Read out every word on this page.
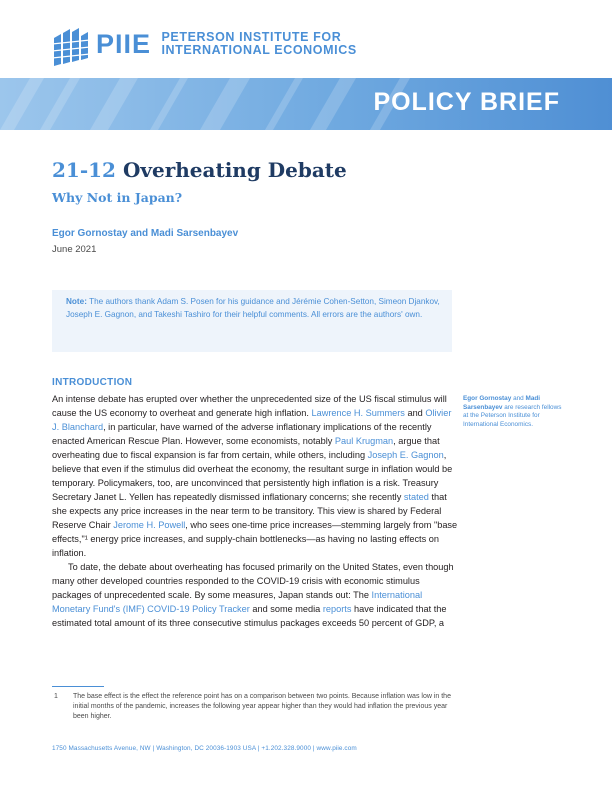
PIIE PETERSON INSTITUTE FOR
INTERNATIONAL ECONOMICS
POLICY BRIEF
21-12 Overheating Debate
Why Not in Japan?
Egor Gornostay and Madi Sarsenbayev
June 2021
Note: The authors thank Adam S. Posen for his guidance and Jérémie Cohen-Setton, Simeon Djankov, Joseph E. Gagnon, and Takeshi Tashiro for their helpful comments. All errors are the authors' own.
INTRODUCTION

An intense debate has erupted over whether the unprecedented size of the US fiscal stimulus will cause the US economy to overheat and generate high inflation. Lawrence H. Summers and Olivier J. Blanchard, in particular, have warned of the adverse inflationary implications of the recently enacted American Rescue Plan. However, some economists, notably Paul Krugman, argue that overheating due to fiscal expansion is far from certain, while others, including Joseph E. Gagnon, believe that even if the stimulus did overheat the economy, the resultant surge in inflation would be temporary. Policymakers, too, are unconvinced that persistently high inflation is a risk. Treasury Secretary Janet L. Yellen has repeatedly dismissed inflationary concerns; she recently stated that she expects any price increases in the near term to be transitory. This view is shared by Federal Reserve Chair Jerome H. Powell, who sees one-time price increases—stemming largely from "base effects,"¹ energy price increases, and supply-chain bottlenecks—as having no lasting effects on inflation.

To date, the debate about overheating has focused primarily on the United States, even though many other developed countries responded to the COVID-19 crisis with economic stimulus packages of unprecedented scale. By some measures, Japan stands out: The International Monetary Fund's (IMF) COVID-19 Policy Tracker and some media reports have indicated that the estimated total amount of its three consecutive stimulus packages exceeds 50 percent of GDP, a

Egor Gornostay and Madi Sarsenbayev are research fellows at the Peterson Institute for International Economics.
1 The base effect is the effect the reference point has on a comparison between two points. Because inflation was low in the initial months of the pandemic, increases the following year appear higher than they would had inflation the previous year been higher.
1750 Massachusetts Avenue, NW | Washington, DC 20036-1903 USA | +1.202.328.9000 | www.piie.com
